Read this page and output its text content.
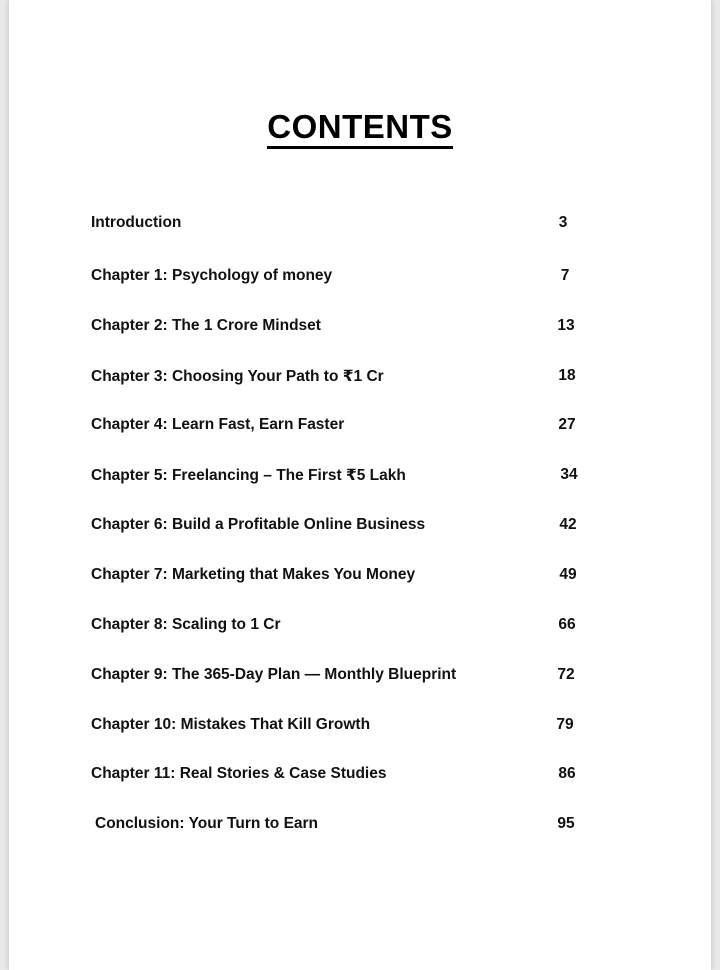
CONTENTS
Introduction	3
Chapter 1: Psychology of money	7
Chapter 2: The 1 Crore Mindset	13
Chapter 3: Choosing Your Path to ₹1 Cr	18
Chapter 4: Learn Fast, Earn Faster	27
Chapter 5: Freelancing – The First ₹5 Lakh	34
Chapter 6: Build a Profitable Online Business	42
Chapter 7: Marketing that Makes You Money	49
Chapter 8: Scaling to 1 Cr	66
Chapter 9: The 365-Day Plan — Monthly Blueprint	72
Chapter 10: Mistakes That Kill Growth	79
Chapter 11: Real Stories & Case Studies	86
Conclusion: Your Turn to Earn	95
